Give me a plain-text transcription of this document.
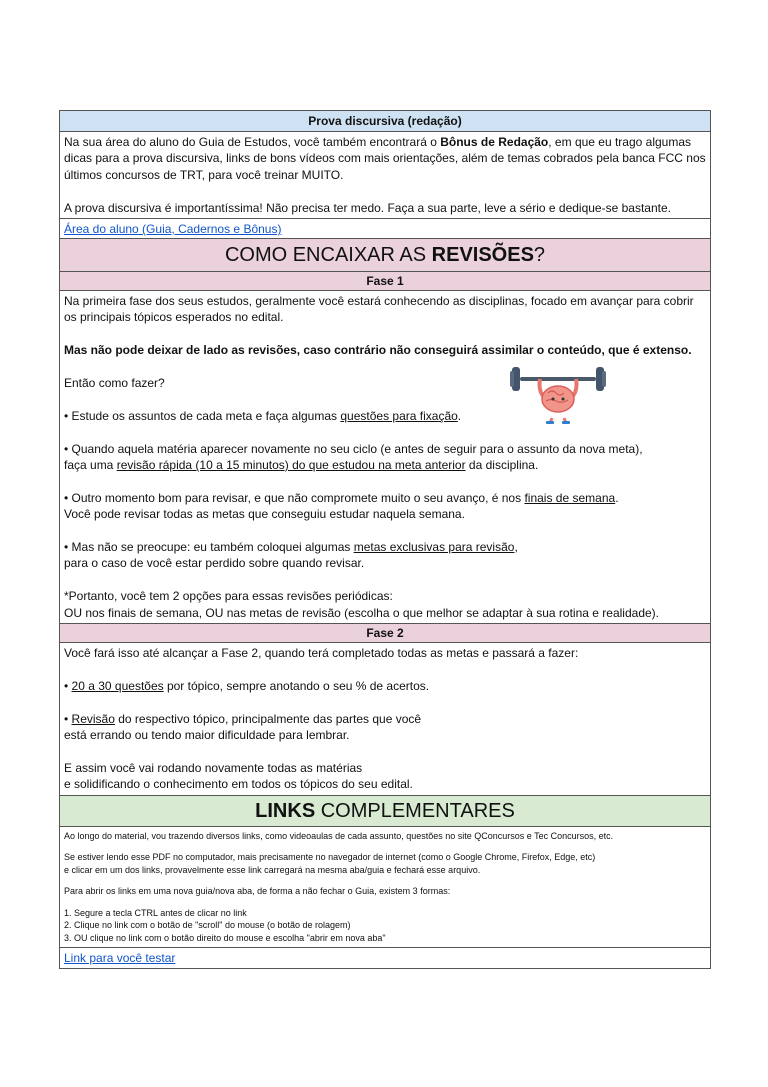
Prova discursiva (redação)

Na sua área do aluno do Guia de Estudos, você também encontrará o Bônus de Redação, em que eu trago algumas dicas para a prova discursiva, links de bons vídeos com mais orientações, além de temas cobrados pela banca FCC nos últimos concursos de TRT, para você treinar MUITO.

A prova discursiva é importantíssima! Não precisa ter medo. Faça a sua parte, leve a sério e dedique-se bastante.

Área do aluno (Guia, Cadernos e Bônus)
COMO ENCAIXAR AS REVISÕES?
Fase 1

Na primeira fase dos seus estudos, geralmente você estará conhecendo as disciplinas, focado em avançar para cobrir

os principais tópicos esperados no edital.

Mas não pode deixar de lado as revisões, caso contrário não conseguirá assimilar o conteúdo, que é extenso.

Então como fazer?

• Estude os assuntos de cada meta e faça algumas questões para fixação.

• Quando aquela matéria aparecer novamente no seu ciclo (e antes de seguir para o assunto da nova meta),

faça uma revisão rápida (10 a 15 minutos) do que estudou na meta anterior da disciplina.

• Outro momento bom para revisar, e que não compromete muito o seu avanço, é nos finais de semana.

Você pode revisar todas as metas que conseguiu estudar naquela semana.

• Mas não se preocupe: eu também coloquei algumas metas exclusivas para revisão,

para o caso de você estar perdido sobre quando revisar.

*Portanto, você tem 2 opções para essas revisões periódicas:

OU nos finais de semana, OU nas metas de revisão (escolha o que melhor se adaptar à sua rotina e realidade).

Fase 2

Você fará isso até alcançar a Fase 2, quando terá completado todas as metas e passará a fazer:

• 20 a 30 questões por tópico, sempre anotando o seu % de acertos.

• Revisão do respectivo tópico, principalmente das partes que você

está errando ou tendo maior dificuldade para lembrar.

E assim você vai rodando novamente todas as matérias

e solidificando o conhecimento em todos os tópicos do seu edital.

LINKS COMPLEMENTARES

Ao longo do material, vou trazendo diversos links, como videoaulas de cada assunto, questões no site QConcursos e Tec Concursos, etc.

Se estiver lendo esse PDF no computador, mais precisamente no navegador de internet (como o Google Chrome, Firefox, Edge, etc)

e clicar em um dos links, provavelmente esse link carregará na mesma aba/guia e fechará esse arquivo.

Para abrir os links em uma nova guia/nova aba, de forma a não fechar o Guia, existem 3 formas:

1. Segure a tecla CTRL antes de clicar no link

2. Clique no link com o botão de "scroll" do mouse (o botão de rolagem)

3. OU clique no link com o botão direito do mouse e escolha "abrir em nova aba"

Link para você testar
